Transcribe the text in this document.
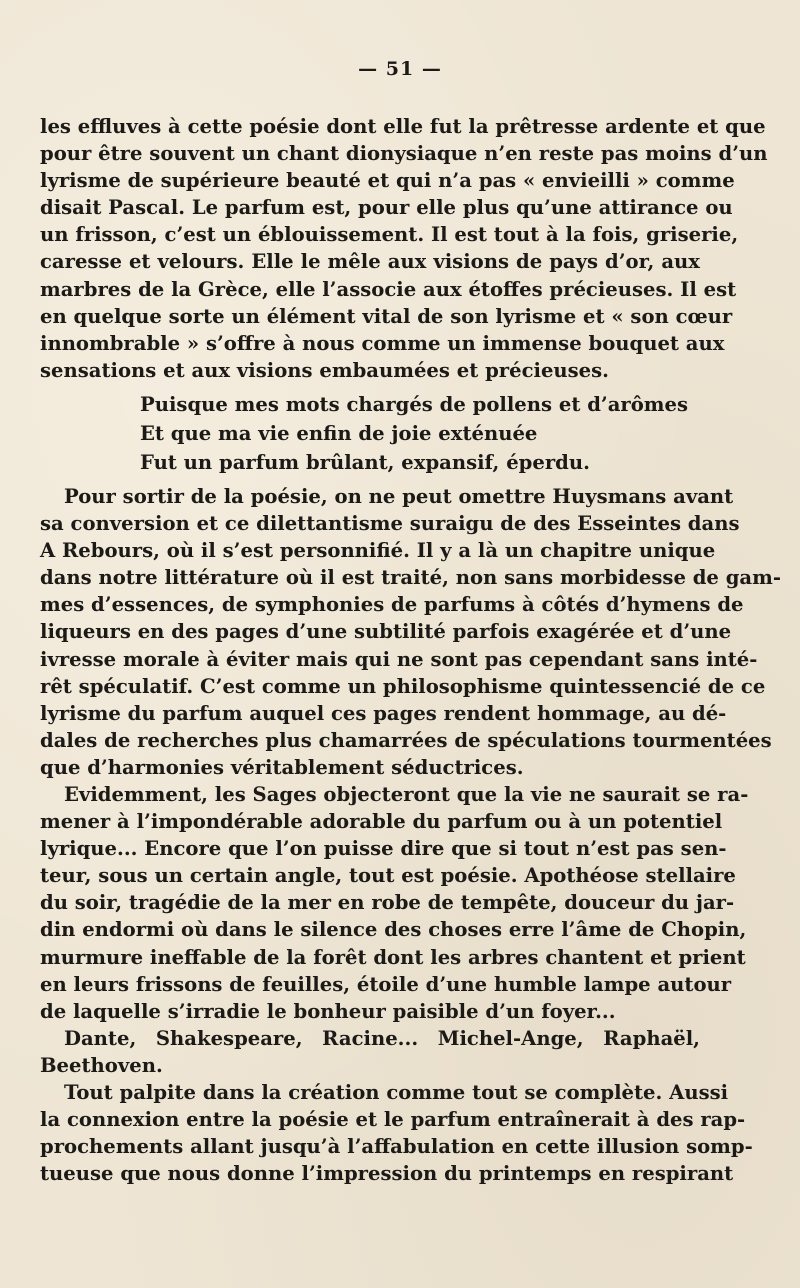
— 51 —
les effluves à cette poésie dont elle fut la prêtresse ardente et que
pour être souvent un chant dionysiaque n’en reste pas moins d’un
lyrisme de supérieure beauté et qui n’a pas « envieilli » comme
disait Pascal. Le parfum est, pour elle plus qu’une attirance ou
un frisson, c’est un éblouissement. Il est tout à la fois, griserie,
caresse et velours. Elle le mêle aux visions de pays d’or, aux
marbres de la Grèce, elle l’associe aux étoffes précieuses. Il est
en quelque sorte un élément vital de son lyrisme et « son cœur
innombrable » s’offre à nous comme un immense bouquet aux
sensations et aux visions embaumées et précieuses.
Puisque mes mots chargés de pollens et d’arômes
Et que ma vie enfin de joie exténuée
Fut un parfum brûlant, expansif, éperdu.
Pour sortir de la poésie, on ne peut omettre Huysmans avant
sa conversion et ce dilettantisme suraigu de des Esseintes dans
A Rebours, où il s’est personnifié. Il y a là un chapitre unique
dans notre littérature où il est traité, non sans morbidesse de gam-
mes d’essences, de symphonies de parfums à côtés d’hymens de
liqueurs en des pages d’une subtilité parfois exagérée et d’une
ivresse morale à éviter mais qui ne sont pas cependant sans inté-
rêt spéculatif. C’est comme un philosophisme quintessencié de ce
lyrisme du parfum auquel ces pages rendent hommage, au dé-
dales de recherches plus chamarrées de spéculations tourmentées
que d’harmonies véritablement séductrices.
Evidemment, les Sages objecteront que la vie ne saurait se ra-
mener à l’impondérable adorable du parfum ou à un potentiel
lyrique... Encore que l’on puisse dire que si tout n’est pas sen-
teur, sous un certain angle, tout est poésie. Apothéose stellaire
du soir, tragédie de la mer en robe de tempête, douceur du jar-
din endormi où dans le silence des choses erre l’âme de Chopin,
murmure ineffable de la forêt dont les arbres chantent et prient
en leurs frissons de feuilles, étoile d’une humble lampe autour
de laquelle s’irradie le bonheur paisible d’un foyer...
Dante, Shakespeare, Racine... Michel-Ange, Raphaël,
Beethoven.
Tout palpite dans la création comme tout se complète. Aussi
la connexion entre la poésie et le parfum entraînerait à des rap-
prochements allant jusqu’à l’affabulation en cette illusion somp-
tueuse que nous donne l’impression du printemps en respirant
